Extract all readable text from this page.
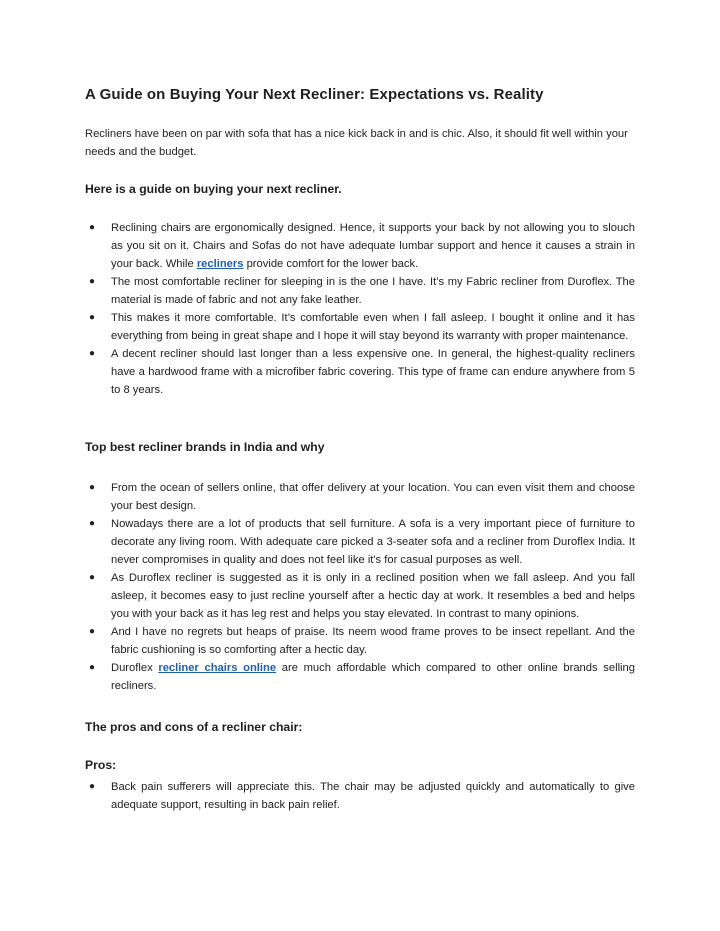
A Guide on Buying Your Next Recliner: Expectations vs. Reality

Recliners have been on par with sofa that has a nice kick back in and is chic. Also, it should fit well within your needs and the budget.

Here is a guide on buying your next recliner.
● Reclining chairs are ergonomically designed. Hence, it supports your back by not allowing you to slouch as you sit on it. Chairs and Sofas do not have adequate lumbar support and hence it causes a strain in your back. While recliners provide comfort for the lower back.
● The most comfortable recliner for sleeping in is the one I have. It’s my Fabric recliner from Duroflex. The material is made of fabric and not any fake leather.
● This makes it more comfortable. It’s comfortable even when I fall asleep. I bought it online and it has everything from being in great shape and I hope it will stay beyond its warranty with proper maintenance.
● A decent recliner should last longer than a less expensive one. In general, the highest-quality recliners have a hardwood frame with a microfiber fabric covering. This type of frame can endure anywhere from 5 to 8 years.
Top best recliner brands in India and why
● From the ocean of sellers online, that offer delivery at your location. You can even visit them and choose your best design.
● Nowadays there are a lot of products that sell furniture. A sofa is a very important piece of furniture to decorate any living room. With adequate care picked a 3-seater sofa and a recliner from Duroflex India. It never compromises in quality and does not feel like it's for casual purposes as well.
● As Duroflex recliner is suggested as it is only in a reclined position when we fall asleep. And you fall asleep, it becomes easy to just recline yourself after a hectic day at work. It resembles a bed and helps you with your back as it has leg rest and helps you stay elevated. In contrast to many opinions.
● And I have no regrets but heaps of praise. Its neem wood frame proves to be insect repellant. And the fabric cushioning is so comforting after a hectic day.
● Duroflex recliner chairs online are much affordable which compared to other online brands selling recliners.
The pros and cons of a recliner chair:
Pros:
● Back pain sufferers will appreciate this. The chair may be adjusted quickly and automatically to give adequate support, resulting in back pain relief.
